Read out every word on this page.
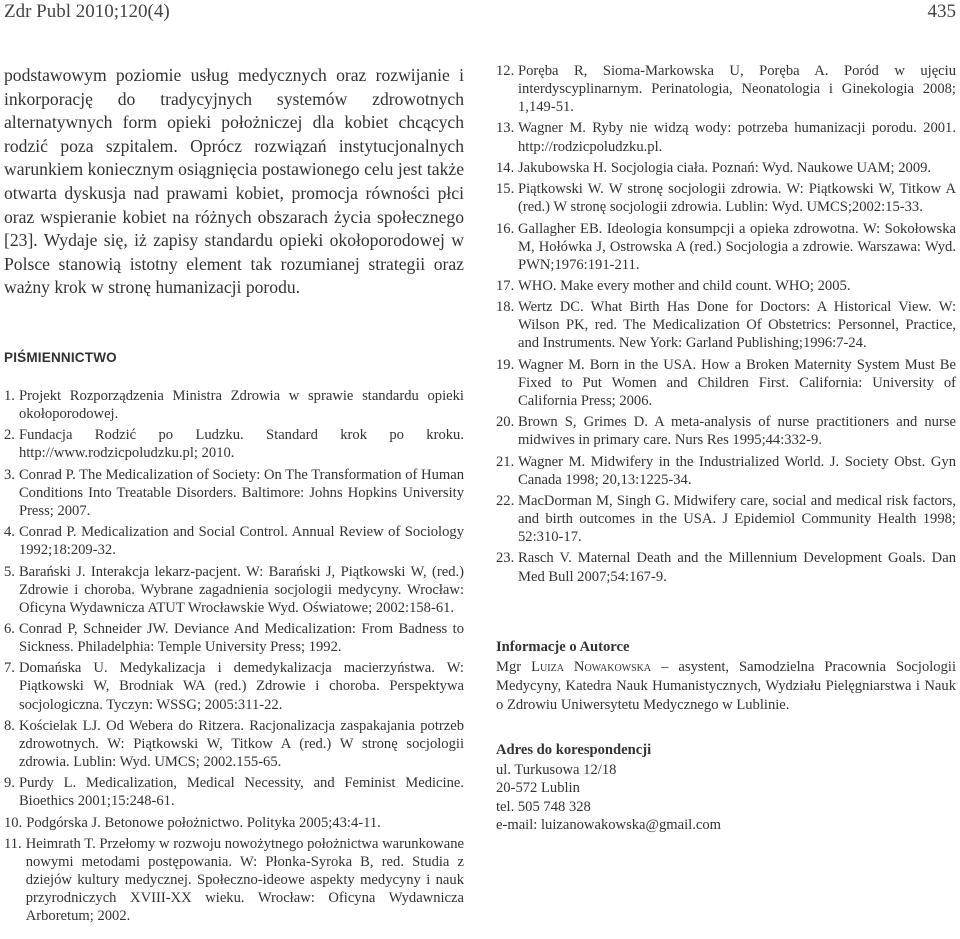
Zdr Publ 2010;120(4)	435

podstawowym poziomie usług medycznych oraz rozwijanie i inkorporację do tradycyjnych systemów zdrowotnych alternatywnych form opieki położniczej dla kobiet chcących rodzić poza szpitalem. Oprócz rozwiązań instytucjonalnych warunkiem koniecznym osiągnięcia postawionego celu jest także otwarta dyskusja nad prawami kobiet, promocja równości płci oraz wspieranie kobiet na różnych obszarach życia społecznego [23]. Wydaje się, iż zapisy standardu opieki okołoporodowej w Polsce stanowią istotny element tak rozumianej strategii oraz ważny krok w stronę humanizacji porodu.

PIŚMIENNICTWO
1. Projekt Rozporządzenia Ministra Zdrowia w sprawie standardu opieki okołoporodowej.
2. Fundacja Rodzić po Ludzku. Standard krok po kroku. http://www.rodzicpoludzku.pl; 2010.
3. Conrad P. The Medicalization of Society: On The Transformation of Human Conditions Into Treatable Disorders. Baltimore: Johns Hopkins University Press; 2007.
4. Conrad P. Medicalization and Social Control. Annual Review of Sociology 1992;18:209-32.
5. Barański J. Interakcja lekarz-pacjent. W: Barański J, Piątkowski W, (red.) Zdrowie i choroba. Wybrane zagadnienia socjologii medycyny. Wrocław: Oficyna Wydawnicza ATUT Wrocławskie Wyd. Oświatowe; 2002:158-61.
6. Conrad P, Schneider JW. Deviance And Medicalization: From Badness to Sickness. Philadelphia: Temple University Press; 1992.
7. Domańska U. Medykalizacja i demedykalizacja macierzyństwa. W: Piątkowski W, Brodniak WA (red.) Zdrowie i choroba. Perspektywa socjologiczna. Tyczyn: WSSG; 2005:311-22.
8. Kościelak LJ. Od Webera do Ritzera. Racjonalizacja zaspakajania potrzeb zdrowotnych. W: Piątkowski W, Titkow A (red.) W stronę socjologii zdrowia. Lublin: Wyd. UMCS; 2002.155-65.
9. Purdy L. Medicalization, Medical Necessity, and Feminist Medicine. Bioethics 2001;15:248-61.
10. Podgórska J. Betonowe położnictwo. Polityka 2005;43:4-11.
11. Heimrath T. Przełomy w rozwoju nowożytnego położnictwa warunkowane nowymi metodami postępowania. W: Płonka-Syroka B, red. Studia z dziejów kultury medycznej. Społeczno-ideowe aspekty medycyny i nauk przyrodniczych XVIII-XX wieku. Wrocław: Oficyna Wydawnicza Arboretum; 2002.
12. Poręba R, Sioma-Markowska U, Poręba A. Poród w ujęciu interdyscyplinarnym. Perinatologia, Neonatologia i Ginekologia 2008; 1,149-51.
13. Wagner M. Ryby nie widzą wody: potrzeba humanizacji porodu. 2001. http://rodzicpoludzku.pl.
14. Jakubowska H. Socjologia ciała. Poznań: Wyd. Naukowe UAM; 2009.
15. Piątkowski W. W stronę socjologii zdrowia. W: Piątkowski W, Titkow A (red.) W stronę socjologii zdrowia. Lublin: Wyd. UMCS;2002:15-33.
16. Gallagher EB. Ideologia konsumpcji a opieka zdrowotna. W: Sokołowska M, Hołówka J, Ostrowska A (red.) Socjologia a zdrowie. Warszawa: Wyd. PWN;1976:191-211.
17. WHO. Make every mother and child count. WHO; 2005.
18. Wertz DC. What Birth Has Done for Doctors: A Historical View. W: Wilson PK, red. The Medicalization Of Obstetrics: Personnel, Practice, and Instruments. New York: Garland Publishing;1996:7-24.
19. Wagner M. Born in the USA. How a Broken Maternity System Must Be Fixed to Put Women and Children First. California: University of California Press; 2006.
20. Brown S, Grimes D. A meta-analysis of nurse practitioners and nurse midwives in primary care. Nurs Res 1995;44:332-9.
21. Wagner M. Midwifery in the Industrialized World. J. Society Obst. Gyn Canada 1998; 20,13:1225-34.
22. MacDorman M, Singh G. Midwifery care, social and medical risk factors, and birth outcomes in the USA. J Epidemiol Community Health 1998; 52:310-17.
23. Rasch V. Maternal Death and the Millennium Development Goals. Dan Med Bull 2007;54:167-9.
Informacje o Autorce
Mgr Luiza Nowakowska – asystent, Samodzielna Pracownia Socjologii Medycyny, Katedra Nauk Humanistycznych, Wydziału Pielęgniarstwa i Nauk o Zdrowiu Uniwersytetu Medycznego w Lublinie.
Adres do korespondencji
ul. Turkusowa 12/18
20-572 Lublin
tel. 505 748 328
e-mail: luizanowakowska@gmail.com
